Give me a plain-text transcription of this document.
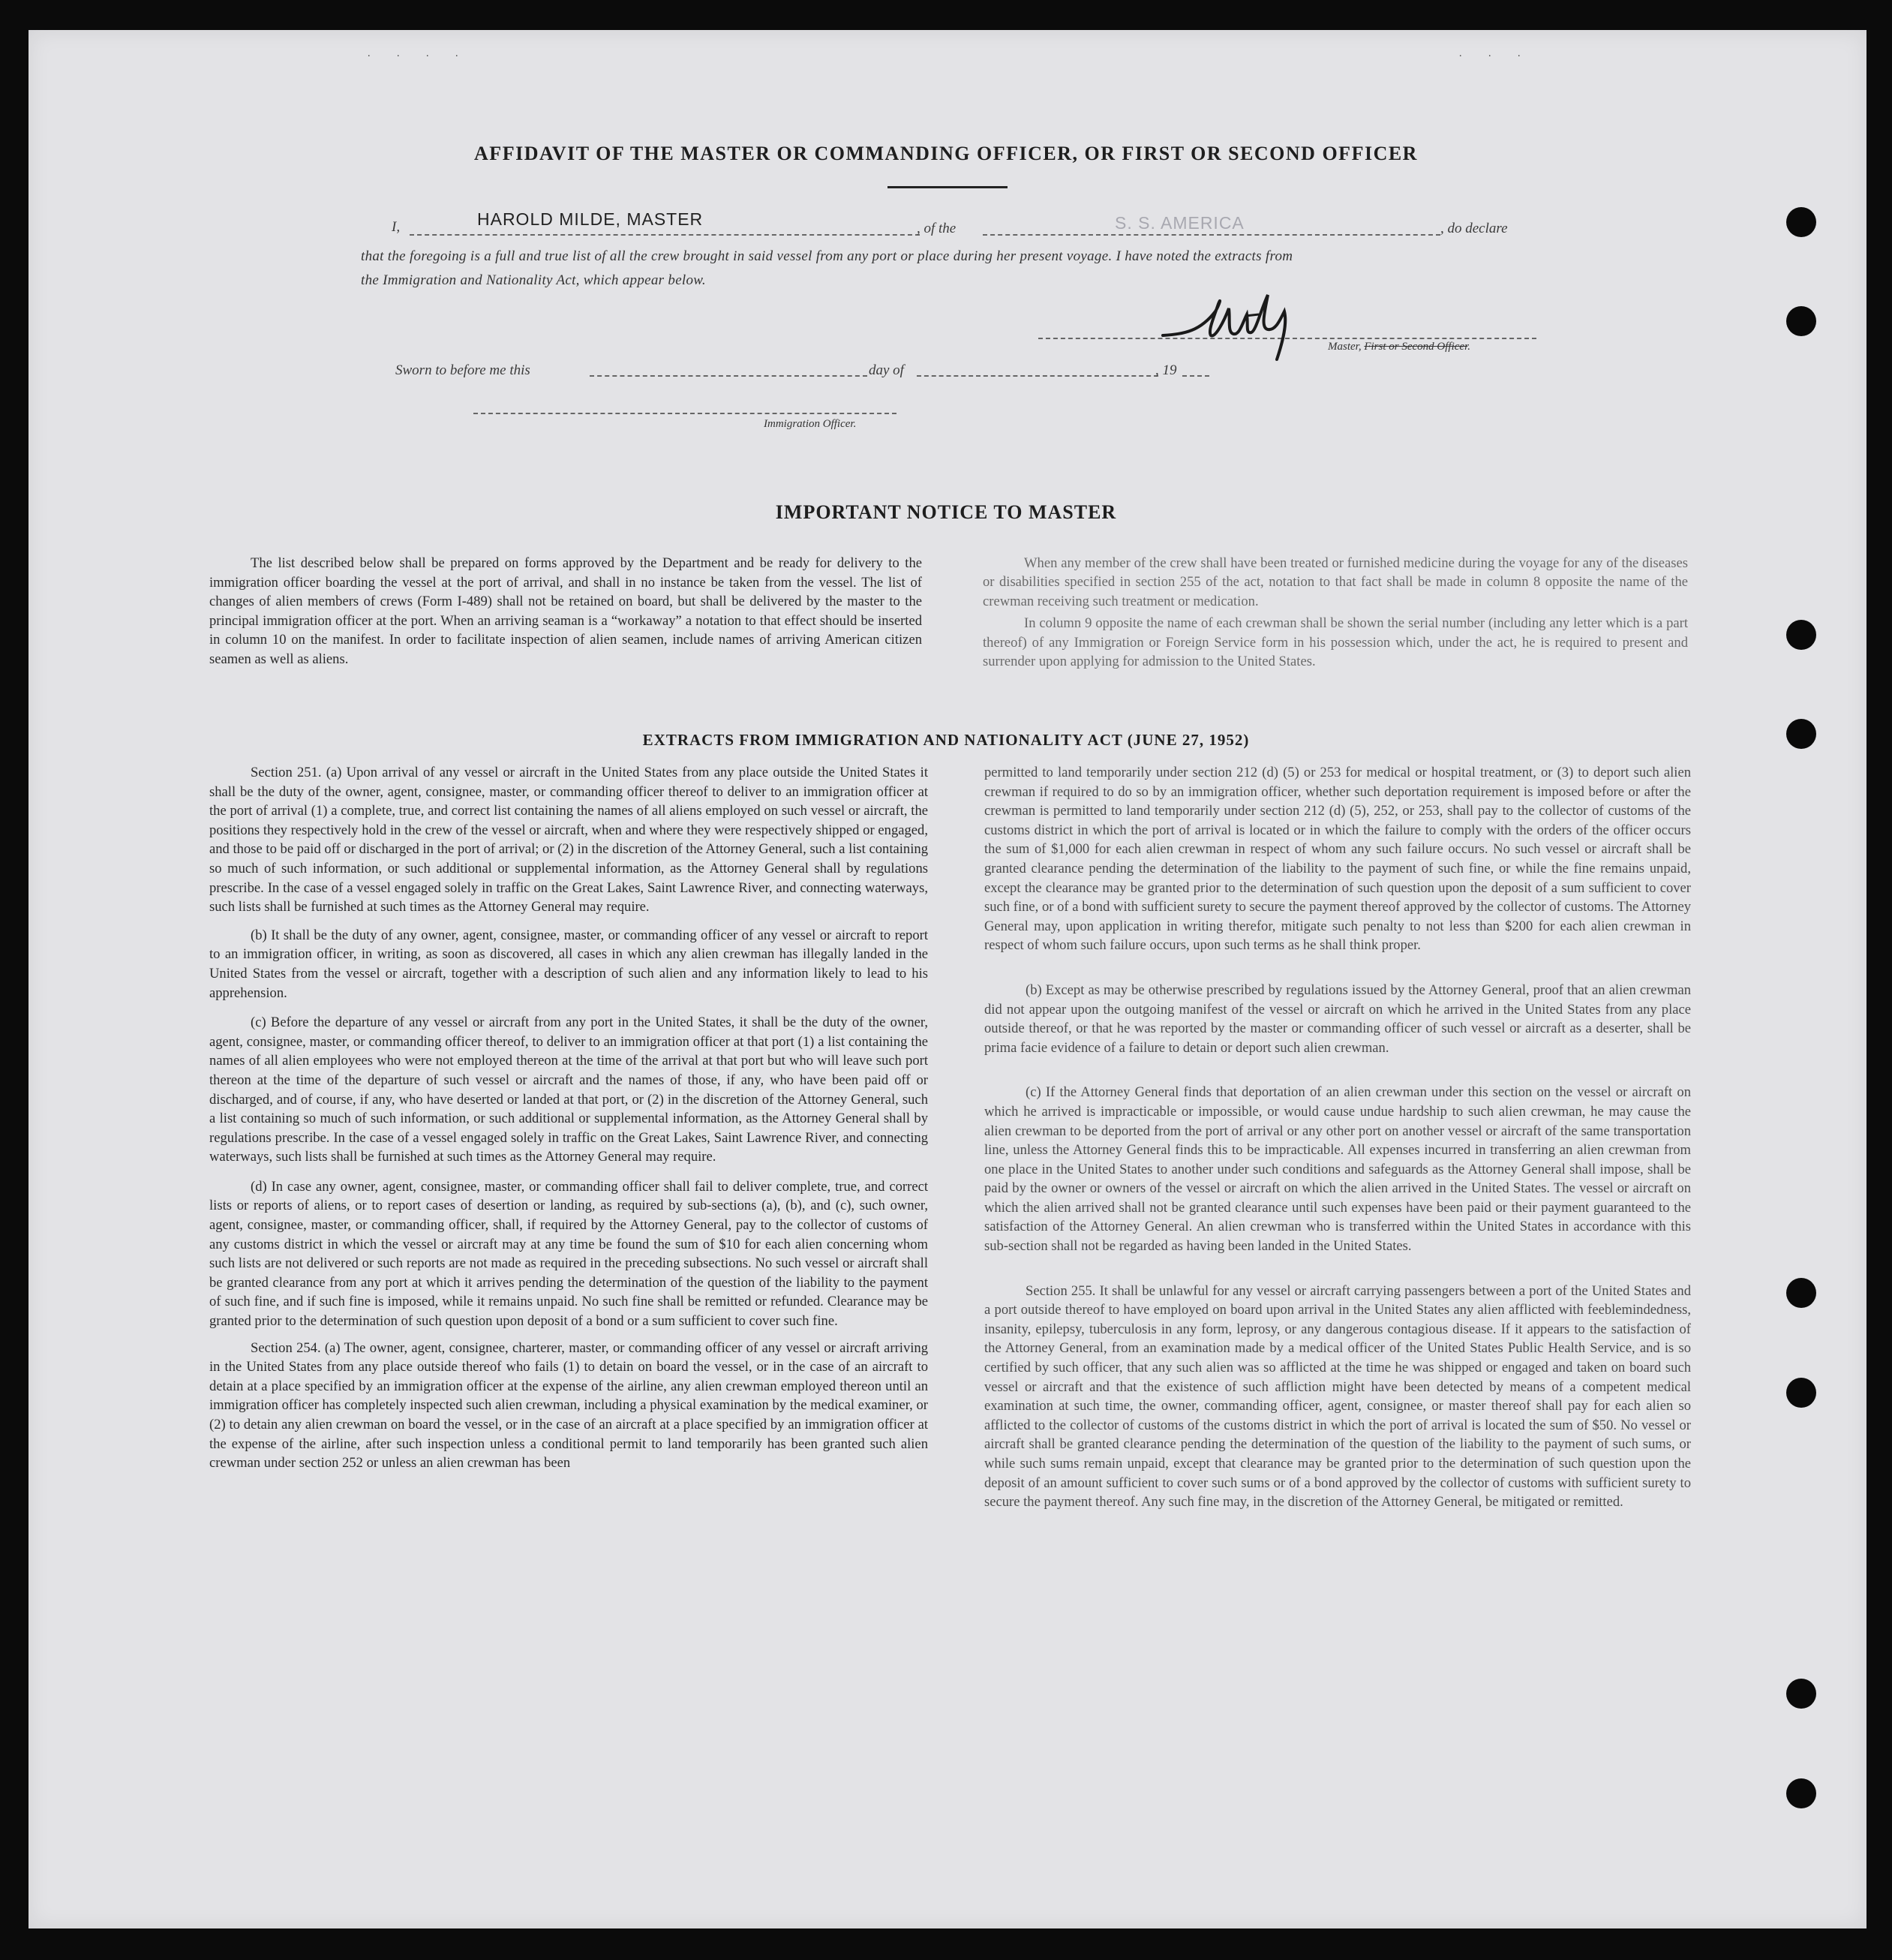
. . . .	. . .
AFFIDAVIT OF THE MASTER OR COMMANDING OFFICER, OR FIRST OR SECOND OFFICER
I,	HAROLD MILDE, MASTER	, of the	S. S. AMERICA	, do declare
that the foregoing is a full and true list of all the crew brought in said vessel from any port or place during her present voyage. I have noted the extracts from
the Immigration and Nationality Act, which appear below.
Master, First or Second Officer.
Sworn to before me this	day of	, 19
Immigration Officer.
IMPORTANT NOTICE TO MASTER

The list described below shall be prepared on forms approved by the Department and be ready for delivery to the immigration officer boarding the vessel at the port of arrival, and shall in no instance be taken from the vessel. The list of changes of alien members of crews (Form I-489) shall not be retained on board, but shall be delivered by the master to the principal immigration officer at the port. When an arriving seaman is a “workaway” a notation to that effect should be inserted in column 10 on the manifest. In order to facilitate inspection of alien seamen, include names of arriving American citizen seamen as well as aliens.

When any member of the crew shall have been treated or furnished medicine during the voyage for any of the diseases or disabilities specified in section 255 of the act, notation to that fact shall be made in column 8 opposite the name of the crewman receiving such treatment or medication.

In column 9 opposite the name of each crewman shall be shown the serial number (including any letter which is a part thereof) of any Immigration or Foreign Service form in his possession which, under the act, he is required to present and surrender upon applying for admission to the United States.

EXTRACTS FROM IMMIGRATION AND NATIONALITY ACT (JUNE 27, 1952)

Section 251. (a) Upon arrival of any vessel or aircraft in the United States from any place outside the United States it shall be the duty of the owner, agent, consignee, master, or commanding officer thereof to deliver to an immigration officer at the port of arrival (1) a complete, true, and correct list containing the names of all aliens employed on such vessel or aircraft, the positions they respectively hold in the crew of the vessel or aircraft, when and where they were respectively shipped or engaged, and those to be paid off or discharged in the port of arrival; or (2) in the discretion of the Attorney General, such a list containing so much of such information, or such additional or supplemental information, as the Attorney General shall by regulations prescribe. In the case of a vessel engaged solely in traffic on the Great Lakes, Saint Lawrence River, and connecting waterways, such lists shall be furnished at such times as the Attorney General may require.

(b) It shall be the duty of any owner, agent, consignee, master, or commanding officer of any vessel or aircraft to report to an immigration officer, in writing, as soon as discovered, all cases in which any alien crewman has illegally landed in the United States from the vessel or aircraft, together with a description of such alien and any information likely to lead to his apprehension.

(c) Before the departure of any vessel or aircraft from any port in the United States, it shall be the duty of the owner, agent, consignee, master, or commanding officer thereof, to deliver to an immigration officer at that port (1) a list containing the names of all alien employees who were not employed thereon at the time of the arrival at that port but who will leave such port thereon at the time of the departure of such vessel or aircraft and the names of those, if any, who have been paid off or discharged, and of course, if any, who have deserted or landed at that port, or (2) in the discretion of the Attorney General, such a list containing so much of such information, or such additional or supplemental information, as the Attorney General shall by regulations prescribe. In the case of a vessel engaged solely in traffic on the Great Lakes, Saint Lawrence River, and connecting waterways, such lists shall be furnished at such times as the Attorney General may require.

(d) In case any owner, agent, consignee, master, or commanding officer shall fail to deliver complete, true, and correct lists or reports of aliens, or to report cases of desertion or landing, as required by sub-sections (a), (b), and (c), such owner, agent, consignee, master, or commanding officer, shall, if required by the Attorney General, pay to the collector of customs of any customs district in which the vessel or aircraft may at any time be found the sum of $10 for each alien concerning whom such lists are not delivered or such reports are not made as required in the preceding subsections. No such vessel or aircraft shall be granted clearance from any port at which it arrives pending the determination of the question of the liability to the payment of such fine, and if such fine is imposed, while it remains unpaid. No such fine shall be remitted or refunded. Clearance may be granted prior to the determination of such question upon deposit of a bond or a sum sufficient to cover such fine.

Section 254. (a) The owner, agent, consignee, charterer, master, or commanding officer of any vessel or aircraft arriving in the United States from any place outside thereof who fails (1) to detain on board the vessel, or in the case of an aircraft to detain at a place specified by an immigration officer at the expense of the airline, any alien crewman employed thereon until an immigration officer has completely inspected such alien crewman, including a physical examination by the medical examiner, or (2) to detain any alien crewman on board the vessel, or in the case of an aircraft at a place specified by an immigration officer at the expense of the airline, after such inspection unless a conditional permit to land temporarily has been granted such alien crewman under section 252 or unless an alien crewman has been

permitted to land temporarily under section 212 (d) (5) or 253 for medical or hospital treatment, or (3) to deport such alien crewman if required to do so by an immigration officer, whether such deportation requirement is imposed before or after the crewman is permitted to land temporarily under section 212 (d) (5), 252, or 253, shall pay to the collector of customs of the customs district in which the port of arrival is located or in which the failure to comply with the orders of the officer occurs the sum of $1,000 for each alien crewman in respect of whom any such failure occurs. No such vessel or aircraft shall be granted clearance pending the determination of the liability to the payment of such fine, or while the fine remains unpaid, except the clearance may be granted prior to the determination of such question upon the deposit of a sum sufficient to cover such fine, or of a bond with sufficient surety to secure the payment thereof approved by the collector of customs. The Attorney General may, upon application in writing therefor, mitigate such penalty to not less than $200 for each alien crewman in respect of whom such failure occurs, upon such terms as he shall think proper.

(b) Except as may be otherwise prescribed by regulations issued by the Attorney General, proof that an alien crewman did not appear upon the outgoing manifest of the vessel or aircraft on which he arrived in the United States from any place outside thereof, or that he was reported by the master or commanding officer of such vessel or aircraft as a deserter, shall be prima facie evidence of a failure to detain or deport such alien crewman.

(c) If the Attorney General finds that deportation of an alien crewman under this section on the vessel or aircraft on which he arrived is impracticable or impossible, or would cause undue hardship to such alien crewman, he may cause the alien crewman to be deported from the port of arrival or any other port on another vessel or aircraft of the same transportation line, unless the Attorney General finds this to be impracticable. All expenses incurred in transferring an alien crewman from one place in the United States to another under such conditions and safeguards as the Attorney General shall impose, shall be paid by the owner or owners of the vessel or aircraft on which the alien arrived in the United States. The vessel or aircraft on which the alien arrived shall not be granted clearance until such expenses have been paid or their payment guaranteed to the satisfaction of the Attorney General. An alien crewman who is transferred within the United States in accordance with this sub-section shall not be regarded as having been landed in the United States.

Section 255. It shall be unlawful for any vessel or aircraft carrying passengers between a port of the United States and a port outside thereof to have employed on board upon arrival in the United States any alien afflicted with feeblemindedness, insanity, epilepsy, tuberculosis in any form, leprosy, or any dangerous contagious disease. If it appears to the satisfaction of the Attorney General, from an examination made by a medical officer of the United States Public Health Service, and is so certified by such officer, that any such alien was so afflicted at the time he was shipped or engaged and taken on board such vessel or aircraft and that the existence of such affliction might have been detected by means of a competent medical examination at such time, the owner, commanding officer, agent, consignee, or master thereof shall pay for each alien so afflicted to the collector of customs of the customs district in which the port of arrival is located the sum of $50. No vessel or aircraft shall be granted clearance pending the determination of the question of the liability to the payment of such sums, or while such sums remain unpaid, except that clearance may be granted prior to the determination of such question upon the deposit of an amount sufficient to cover such sums or of a bond approved by the collector of customs with sufficient surety to secure the payment thereof. Any such fine may, in the discretion of the Attorney General, be mitigated or remitted.
